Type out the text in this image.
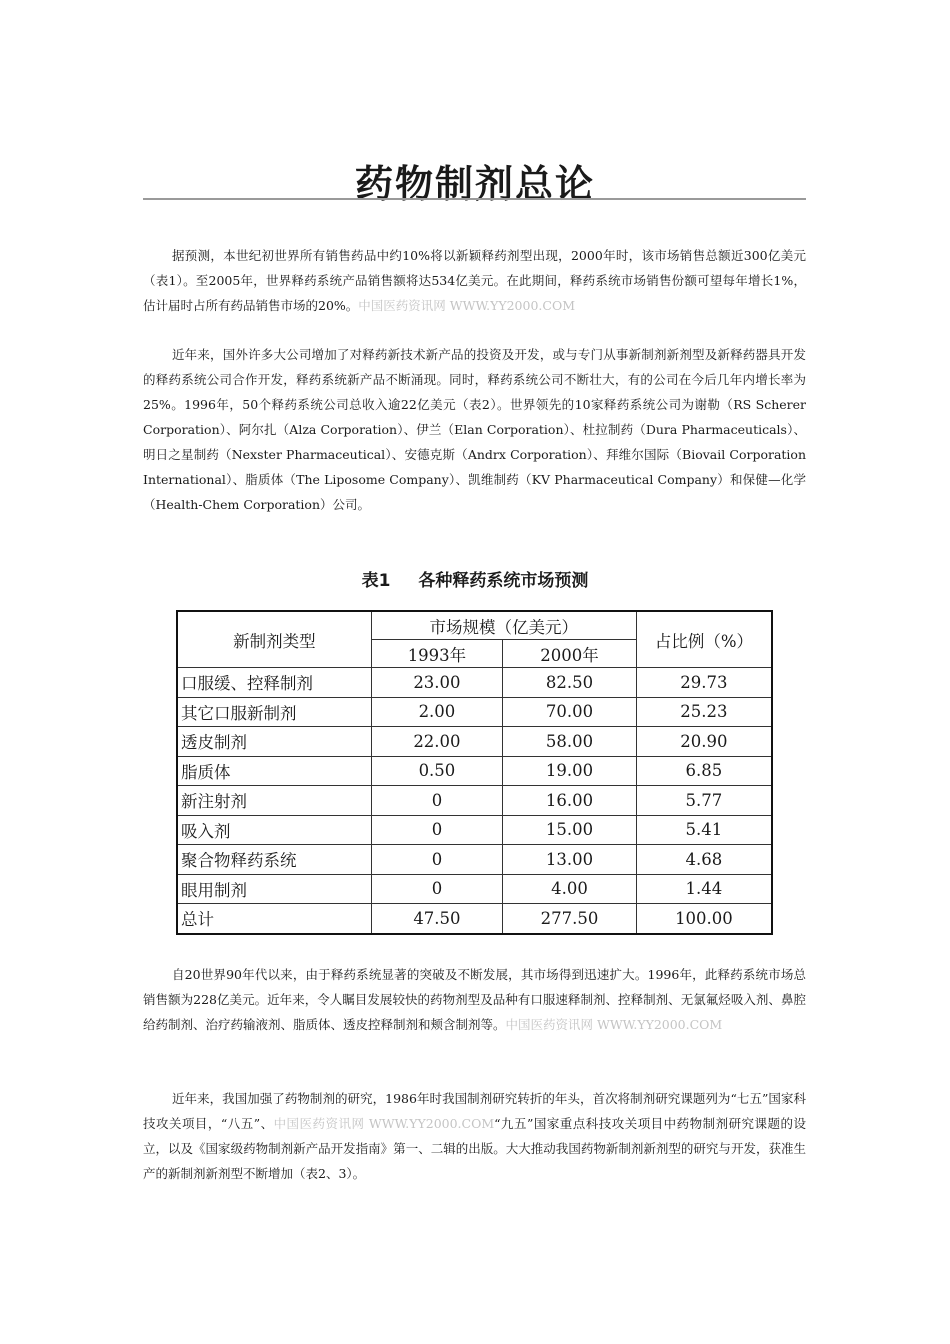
药物制剂总论

据预测，本世纪初世界所有销售药品中约10%将以新颖释药剂型出现，2000年时，该市场销售总额近300亿美元（表1）。至2005年，世界释药系统产品销售额将达534亿美元。在此期间，释药系统市场销售份额可望每年增长1%，估计届时占所有药品销售市场的20%。中国医药资讯网 WWW.YY2000.COM

近年来，国外许多大公司增加了对释药新技术新产品的投资及开发，或与专门从事新制剂新剂型及新释药器具开发的释药系统公司合作开发，释药系统新产品不断涌现。同时，释药系统公司不断壮大，有的公司在今后几年内增长率为25%。1996年，50个释药系统公司总收入逾22亿美元（表2）。世界领先的10家释药系统公司为谢勒（RS Scherer Corporation）、阿尔扎（Alza Corporation）、伊兰（Elan Corporation）、杜拉制药（Dura Pharmaceuticals）、明日之星制药（Nexster Pharmaceutical）、安德克斯（Andrx Corporation）、拜维尔国际（Biovail Corporation International）、脂质体（The Liposome Company）、凯维制药（KV Pharmaceutical Company）和保健—化学（Health-Chem Corporation）公司。

表1 各种释药系统市场预测
新制剂类型	市场规模（亿美元）		占比例（%）
	1993年	2000年	
口服缓、控释制剂	23.00	82.50	29.73
其它口服新制剂	2.00	70.00	25.23
透皮制剂	22.00	58.00	20.90
脂质体	0.50	19.00	6.85
新注射剂	0	16.00	5.77
吸入剂	0	15.00	5.41
聚合物释药系统	0	13.00	4.68
眼用制剂	0	4.00	1.44
总计	47.50	277.50	100.00

自20世界90年代以来，由于释药系统显著的突破及不断发展，其市场得到迅速扩大。1996年，此释药系统市场总销售额为228亿美元。近年来，令人瞩目发展较快的药物剂型及品种有口服速释制剂、控释制剂、无氯氟烃吸入剂、鼻腔给药制剂、治疗药输液剂、脂质体、透皮控释制剂和颊含制剂等。中国医药资讯网 WWW.YY2000.COM

近年来，我国加强了药物制剂的研究，1986年时我国制剂研究转折的年头，首次将制剂研究课题列为“七五”国家科技攻关项目，“八五”、中国医药资讯网 WWW.YY2000.COM“九五”国家重点科技攻关项目中药物制剂研究课题的设立，以及《国家级药物制剂新产品开发指南》第一、二辑的出版。大大推动我国药物新制剂新剂型的研究与开发，获准生产的新制剂新剂型不断增加（表2、3）。
